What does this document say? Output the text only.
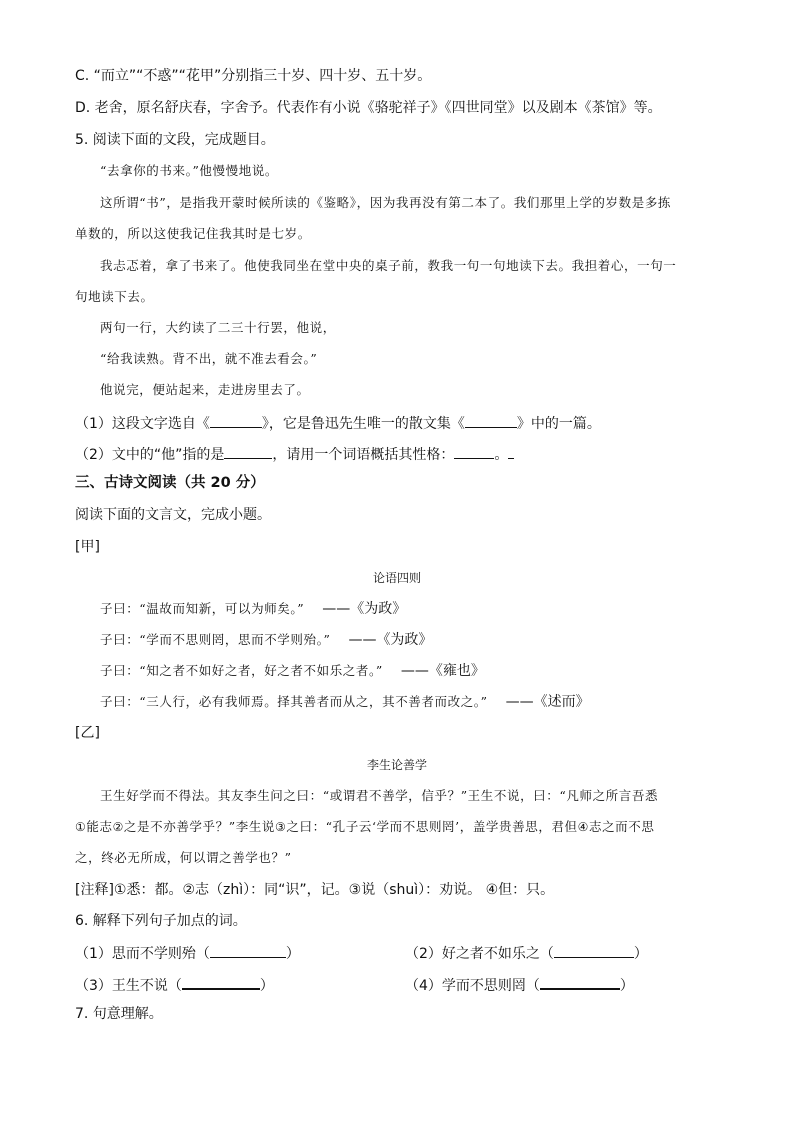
C. “而立”“不惑”“花甲”分别指三十岁、四十岁、五十岁。
D. 老舍，原名舒庆春，字舍予。代表作有小说《骆驼祥子》《四世同堂》以及剧本《茶馆》等。
5. 阅读下面的文段，完成题目。
“去拿你的书来。”他慢慢地说。
这所谓“书”，是指我开蒙时候所读的《鉴略》，因为我再没有第二本了。我们那里上学的岁数是多拣
单数的，所以这使我记住我其时是七岁。
我忐忑着，拿了书来了。他使我同坐在堂中央的桌子前，教我一句一句地读下去。我担着心，一句一
句地读下去。
两句一行，大约读了二三十行罢，他说，
“给我读熟。背不出，就不准去看会。”
他说完，便站起来，走进房里去了。
（1）这段文字选自《	》，它是鲁迅先生唯一的散文集《	》中的一篇。
（2）文中的“他”指的是	，请用一个词语概括其性格：	。
三、古诗文阅读（共 20 分）
阅读下面的文言文，完成小题。
[甲]
论语四则
子曰：“温故而知新，可以为师矣。” ——《为政》
子曰：“学而不思则罔，思而不学则殆。” ——《为政》
子曰：“知之者不如好之者，好之者不如乐之者。” ——《雍也》
子曰：“三人行，必有我师焉。择其善者而从之，其不善者而改之。” ——《述而》
[乙]
李生论善学
王生好学而不得法。其友李生问之曰：“或谓君不善学，信乎？”王生不说，曰：“凡师之所言吾悉
①能志②之是不亦善学乎？”李生说③之曰：“孔子云‘学而不思则罔’，盖学贵善思，君但④志之而不思
之，终必无所成，何以谓之善学也？”
[注释]①悉：都。②志（zhì）：同“识”，记。③说（shuì）：劝说。 ④但：只。
6. 解释下列句子加点的词。
（1）思而不学则殆（	）	（2）好之者不如乐之（	）
（3）王生不说（	）	（4）学而不思则罔（	）
7. 句意理解。
